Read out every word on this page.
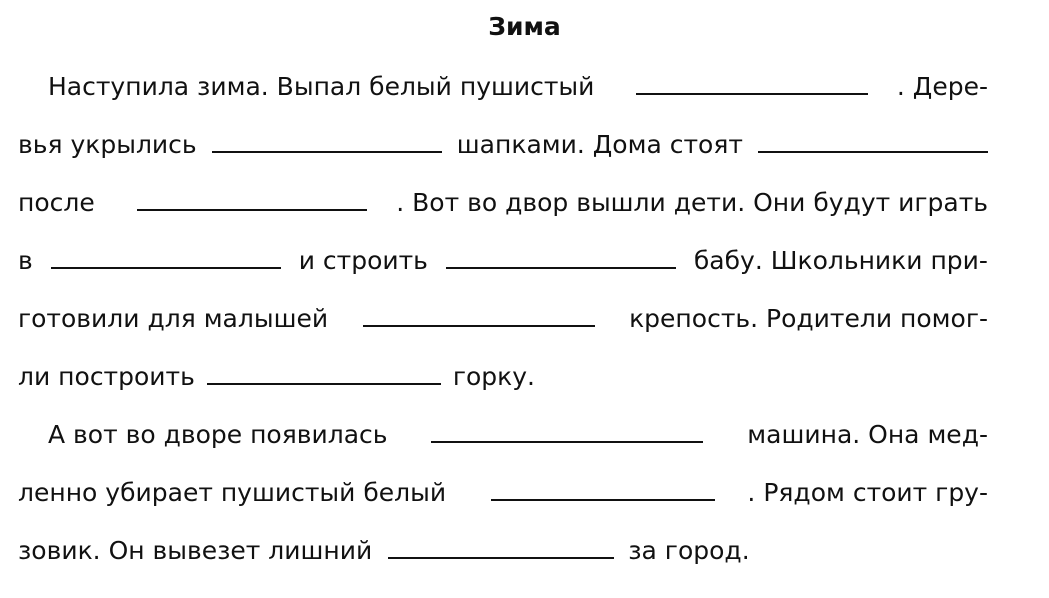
Зима
Наступила зима. Выпал белый пушистый	. Дере-
вья укрылись	шапками. Дома стоят
после	. Вот во двор вышли дети. Они будут играть
в	и строить	бабу. Школьники при-
готовили для малышей	крепость. Родители помог-
ли построить	горку.
А вот во дворе появилась	машина. Она мед-
ленно убирает пушистый белый	. Рядом стоит гру-
зовик. Он вывезет лишний	за город.
